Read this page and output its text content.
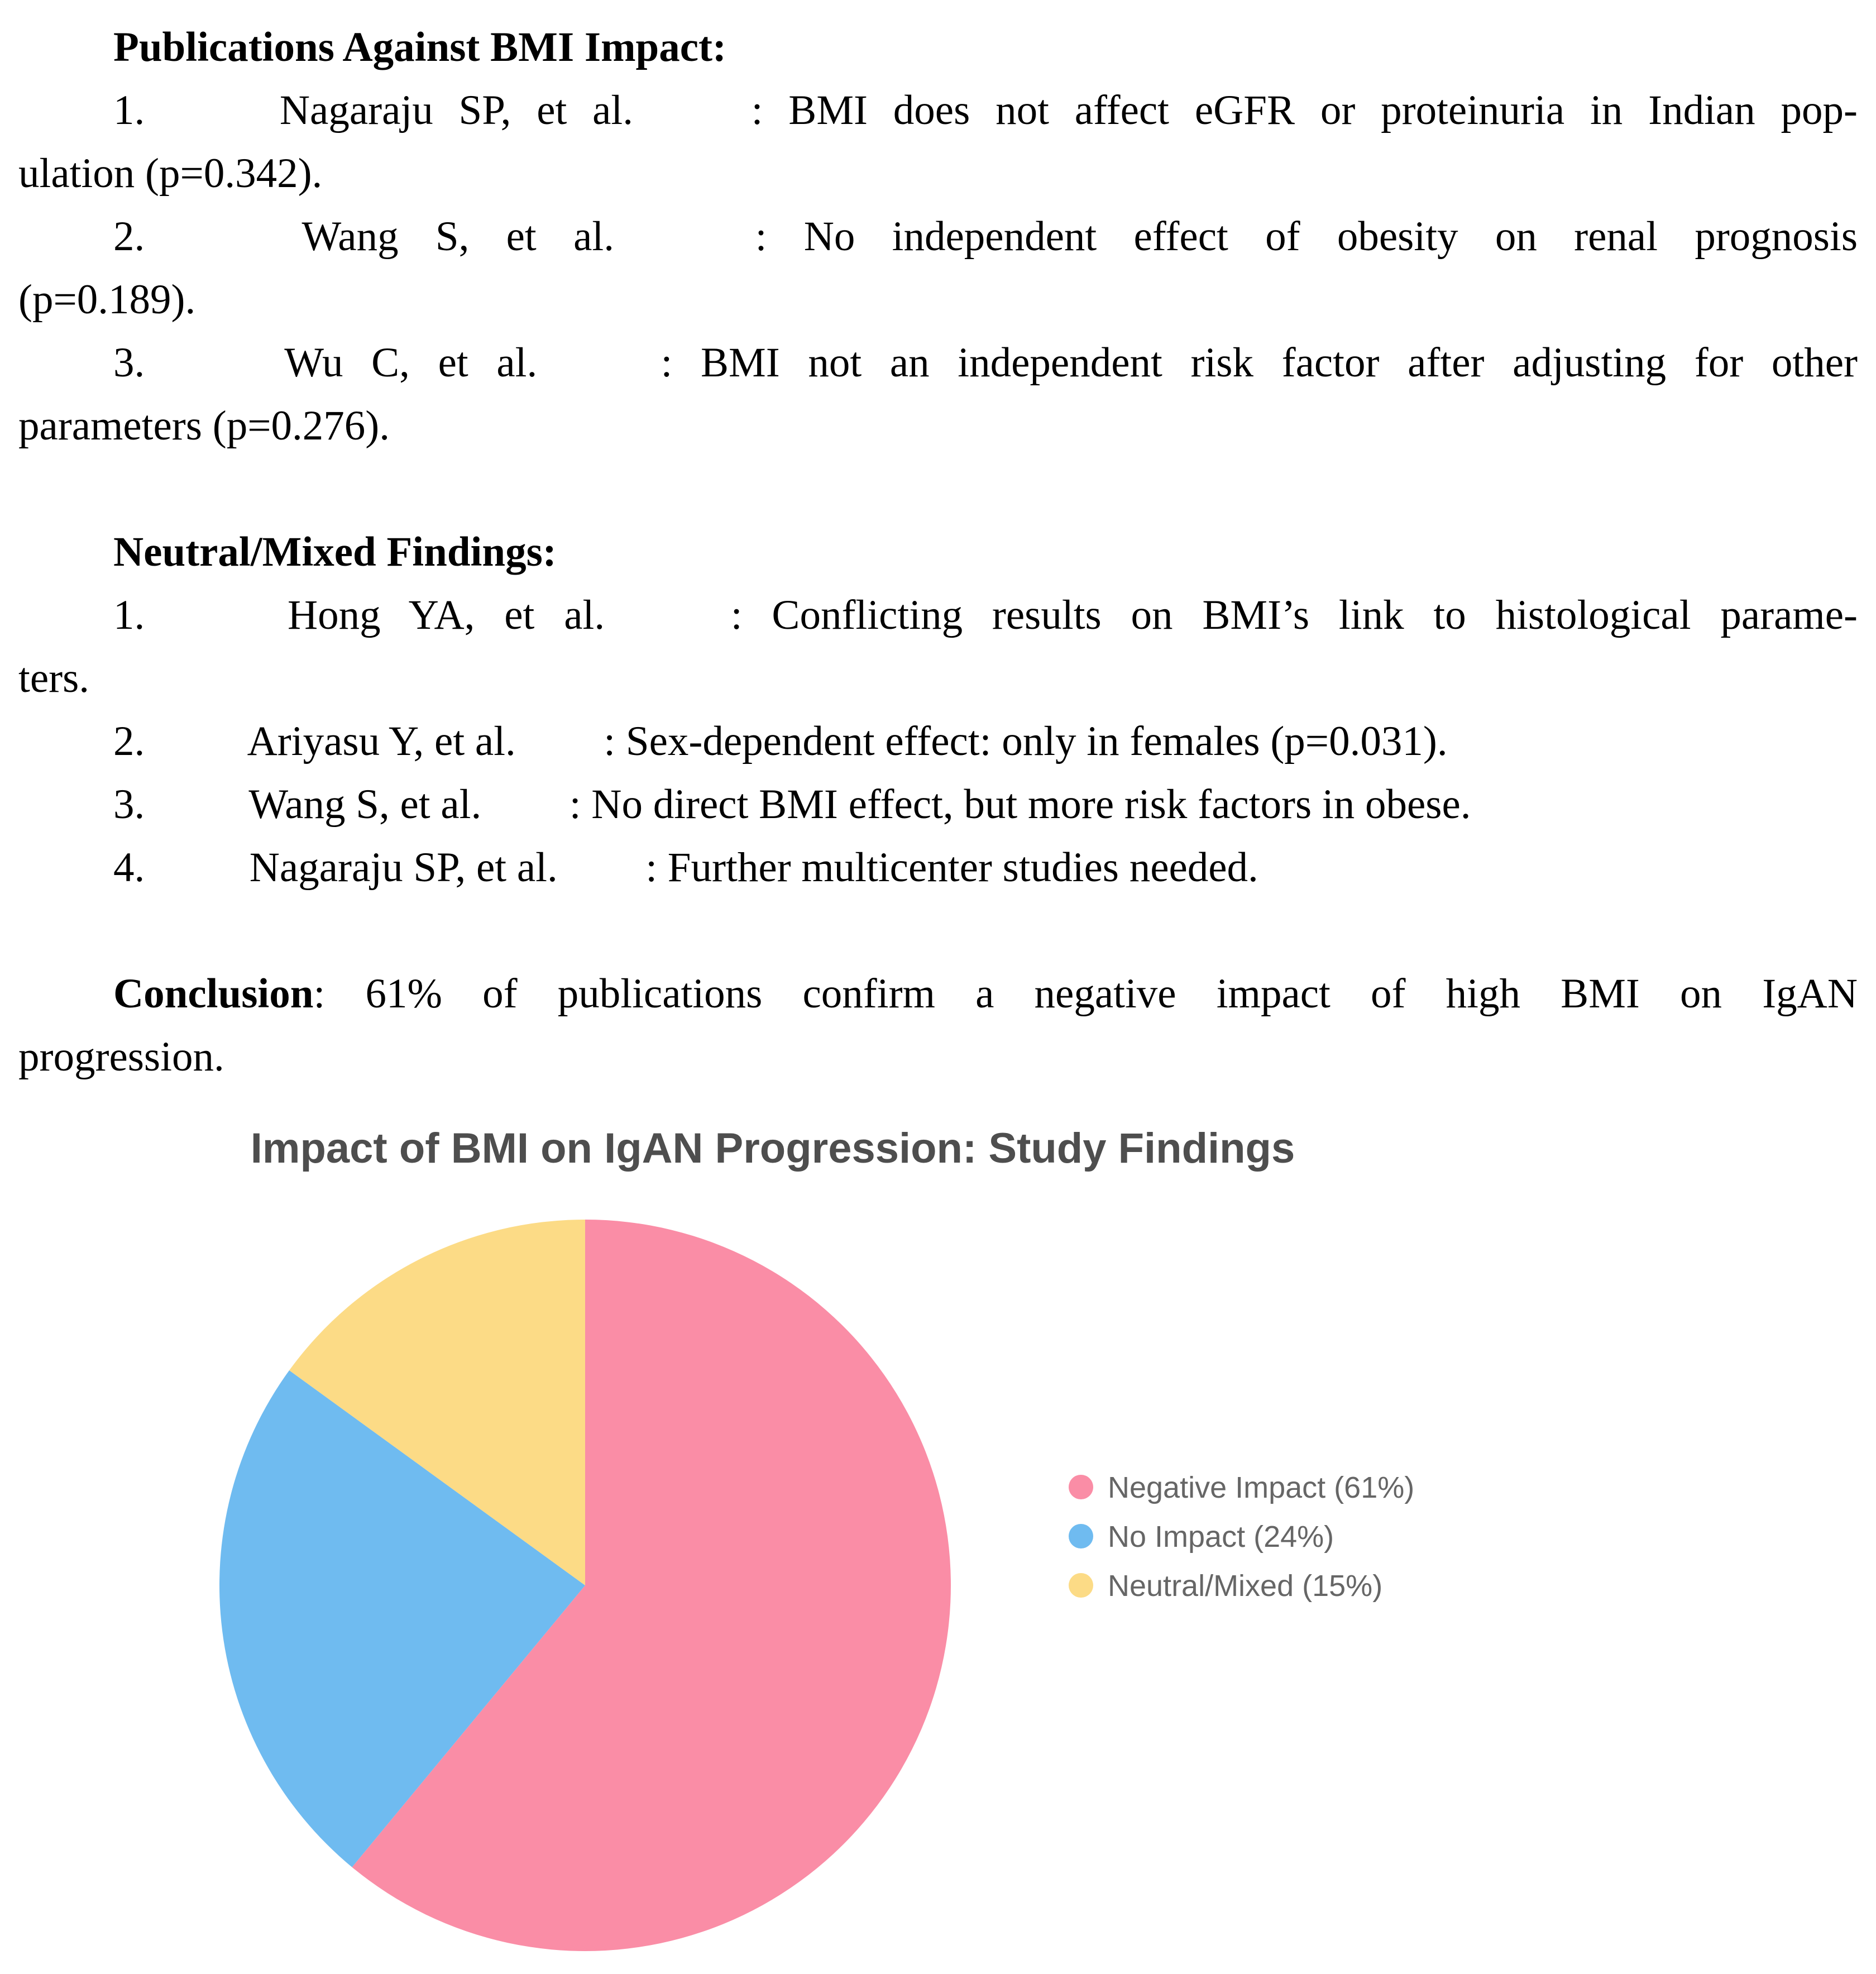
Publications Against BMI Impact:
1.	Nagaraju SP, et al.	: BMI does not affect eGFR or proteinuria in Indian pop-
ulation (p=0.342).
2.	Wang S, et al.	: No independent effect of obesity on renal prognosis
(p=0.189).
3.	Wu C, et al.	: BMI not an independent risk factor after adjusting for other
parameters (p=0.276).
Neutral/Mixed Findings:
1.	Hong YA, et al.	: Conflicting results on BMI’s link to histological parame-
ters.
2. Ariyasu Y, et al. : Sex-dependent effect: only in females (p=0.031).
3. Wang S, et al. : No direct BMI effect, but more risk factors in obese.
4.	Nagaraju SP, et al. : Further multicenter studies needed.
Conclusion: 61% of publications confirm a negative impact of high BMI on IgAN
progression.
Impact of BMI on IgAN Progression: Study Findings
Negative Impact (61%)
No Impact (24%)
Neutral/Mixed (15%)
